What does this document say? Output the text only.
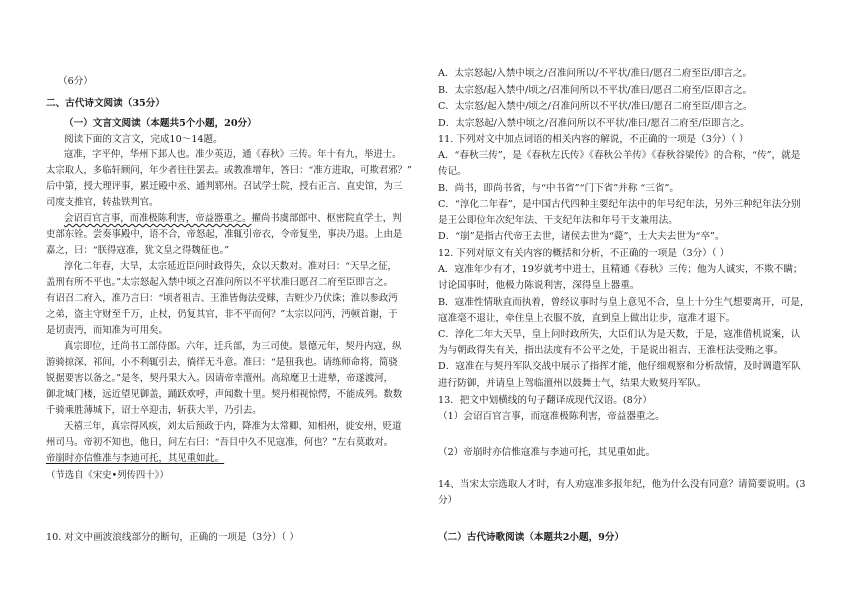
（6分）
二、古代诗文阅读（35分）
（一）文言文阅读（本题共5个小题，20分）
阅读下面的文言文，完成10～14题。
寇准，字平仲，华州下邽人也。准少英迈，通《春秋》三传。年十有九，举进士。
太宗取人，多临轩顾问，年少者往往罢去。或教准增年，答曰：“准方进取，可欺君邪？”
后中第，授大理评事，累迁殿中丞、通判郓州。召试学士院，授右正言、直史馆，为三
司度支推官，转盐铁判官。
会诏百官言事，而准极陈利害，帝益器重之。擢尚书虞部郎中、枢密院直学士，判
吏部东铨。尝奏事殿中，语不合，帝怒起，准辄引帝衣，令帝复坐，事决乃退。上由是
嘉之，曰：“朕得寇准，犹文皇之得魏征也。”
淳化二年春，大旱，太宗延近臣问时政得失，众以天数对。准对曰：“天旱之征，
盖刑有所不平也。”太宗怒起入禁中顷之召准问所以不平状准曰愿召二府至臣即言之。
有诏召二府入，准乃言曰：“顷者祖吉、王淮皆侮法受赇，吉赃少乃伏诛；淮以参政沔
之弟，盗主守财至千万，止杖，仍复其官，非不平而何？”太宗以问沔，沔顿首谢，于
是切责沔，而知准为可用矣。
真宗即位，迁尚书工部侍郎。六年，迁兵部，为三司使。景德元年，契丹内寇，纵
游骑掠深、祁间，小不利辄引去，徜徉无斗意。准曰：“是狃我也。请练师命将，简骁
锐据要害以备之。”是冬，契丹果大入。因请帝幸澶州。高琼麾卫士进辇，帝遂渡河，
御北城门楼，远近望见御盖，踊跃欢呼，声闻数十里。契丹相视惊愕，不能成列。数数
千骑乘胜薄城下，诏士卒迎击，斩获大半，乃引去。
天禧三年，真宗得风疾，刘太后预政于内，降准为太常卿、知相州，徙安州，贬道
州司马。帝初不知也，他日，问左右曰：“吾目中久不见寇准，何也？”左右莫敢对。
帝崩时亦信惟准与李迪可托，其见重如此。
（节选自《宋史•列传四十》）
10. 对文中画波浪线部分的断句，正确的一项是（3分）（ ）
A．太宗怒起/入禁中顷之/召准问所以/不平状/准曰/愿召二府至臣/即言之。
B．太宗怒/起入禁中/顷之/召准问所以不平状/准曰/愿召二府至/臣即言之。
C．太宗怒/起入禁中/顷之/召准问所以不平状/准曰/愿召二府至臣/即言之。
D．太宗怒起/入禁中顷之/召准问所以不平状/准曰/愿召二府至/臣即言之。
11. 下列对文中加点词语的相关内容的解说，不正确的一项是（3分）（ ）
A．“春秋三传”，是《春秋左氏传》《春秋公羊传》《春秋谷梁传》的合称，“传”，就是
传记。
B．尚书，即尚书省，与“中书省”“门下省”并称 “三省”。
C．“淳化二年春”，是中国古代四种主要纪年法中的年号纪年法，另外三种纪年法分别
是王公即位年次纪年法、干支纪年法和年号干支兼用法。
D．“崩”是指古代帝王去世，诸侯去世为“薨”，士大夫去世为“卒”。
12. 下列对原文有关内容的概括和分析，不正确的一项是（3分）（ ）
A．寇准年少有才，19岁就考中进士，且精通《春秋》三传；他为人诚实，不欺不瞒；
讨论国事时，他极力陈说利害，深得皇上器重。
B．寇准性情耿直而执着，曾经议事时与皇上意见不合，皇上十分生气想要离开，可是，
寇准毫不退让，牵住皇上衣服不放，直到皇上做出让步，寇准才退下。
C．淳化二年大天旱，皇上问时政所失，大臣们认为是天数，于是，寇准借机说案，认
为与朝政得失有关，指出法度有不公平之处，于是说出祖吉、王淮枉法受贿之事。
D．寇准在与契丹军队交战中展示了指挥才能，他仔细观察和分析敌情，及时调遣军队
进行防御，并请皇上驾临澶州以鼓舞士气，结果大败契丹军队。
13．把文中划横线的句子翻译成现代汉语。(8分）
（1）会诏百官言事，而寇准极陈利害，帝益器重之。
（2）帝崩时亦信惟寇准与李迪可托，其见重如此。
14、当宋太宗选取人才时，有人劝寇准多报年纪，他为什么没有同意？请简要说明。(3
分）
（二）古代诗歌阅读（本题共2小题，9分）
